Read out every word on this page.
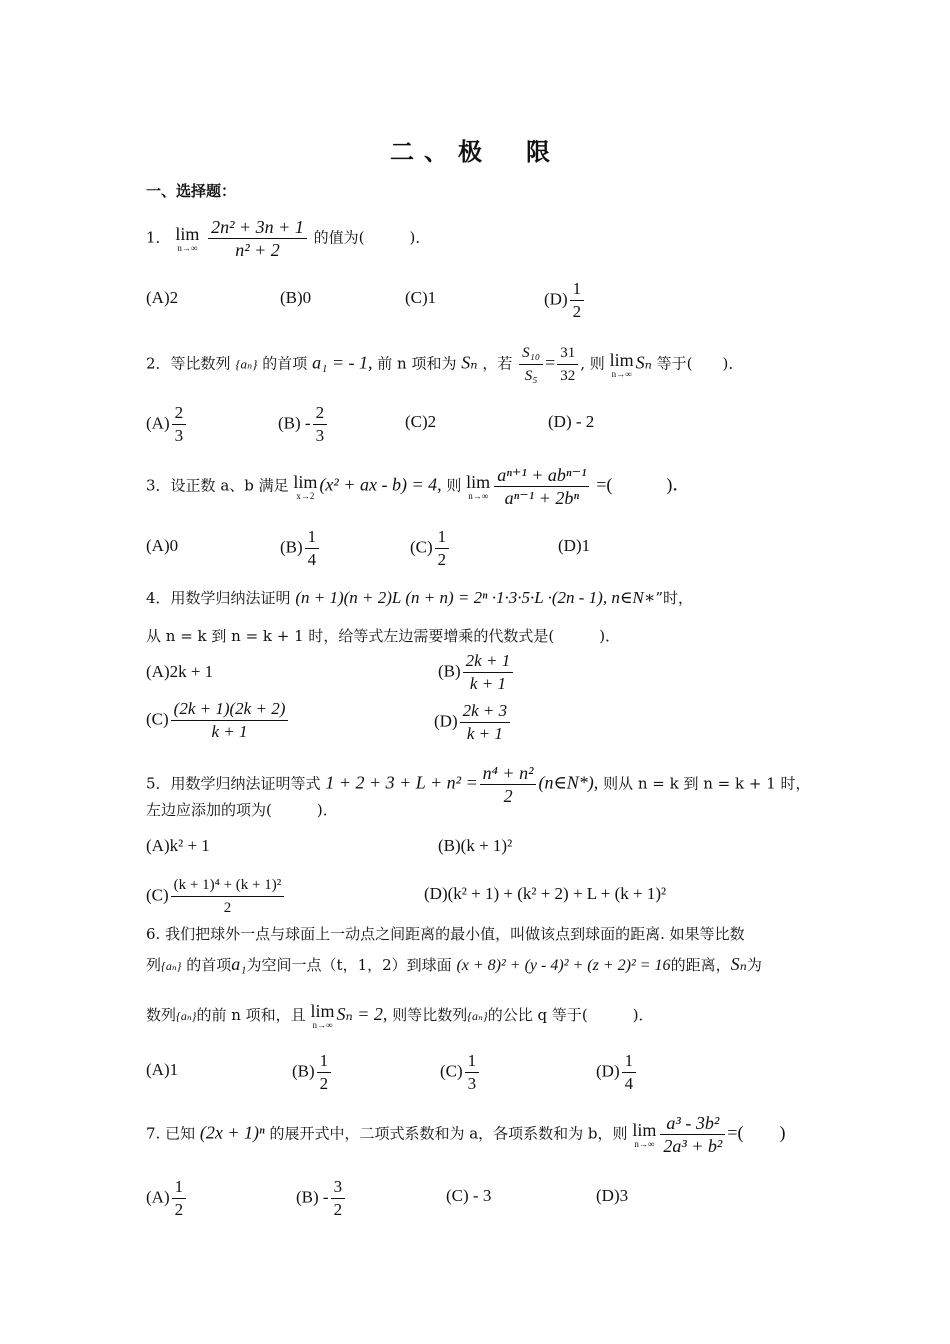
二、极　限
一、选择题：
1． lim
n→∞
$\frac{\text{2n² + 3n + 1}}{\text{n² + 2}}$ 的值为(　　　)．
(A)2	(B)0	(C)1	$(D) \frac{1}{2}$
2．等比数列 {aₙ} 的首项 a₁ = - 1, 前 n 项和为 Sₙ ，若 $\frac{\text{S₁₀}}{\text{S₅}} = \frac{31}{32}$ , 则 lim
n→∞
Sₙ 等于(　　)．
$(A) \frac{2}{3}$	$(B) - \frac{2}{3}$	(C)2	(D) - 2
3．设正数 a、b 满足 lim
x→2
(x² + ax - b) = 4, 则 lim
$n\to\infty \frac{\text{aⁿ⁺¹ + abⁿ⁻¹}}{\text{aⁿ⁻¹ + 2bⁿ}}$ =(　　　)．
(A)0	$(B) \frac{1}{4}$	$(C) \frac{1}{2}$	(D)1
4．用数学归纳法证明 (n + 1)(n + 2)L (n + n) = 2ⁿ ·1·3·5·L ·(2n - 1), n∈N∗”时，
从 n = k 到 n = k + 1 时，给等式左边需要增乘的代数式是(　　　)．
(A)2k + 1	$(B) \frac{2k + 1}{k + 1}$
$(C) \frac{(2k + 1)(2k + 2)}{k + 1}$	$(D) \frac{2k + 3}{k + 1}$
5．用数学归纳法证明等式 $1 + 2 + 3 + L + n^2 = \frac{\text{n⁴ + n²}}{2}$ (n∈N*), 则从 n = k 到 n = k + 1 时，
左边应添加的项为(　　　)．
(A)k² + 1	(B)(k + 1)²
$(C) \frac{\text{(k + 1)⁴ + (k + 1)²}}{2}$	(D)(k² + 1) + (k² + 2) + L + (k + 1)²
6. 我们把球外一点与球面上一动点之间距离的最小值，叫做该点到球面的距离. 如果等比数
列{aₙ} 的首项a₁为空间一点（t，1，2）到球面 (x + 8)² + (y - 4)² + (z + 2)² = 16的距离，Sₙ为
数列{aₙ}的前 n 项和，且 lim
n→∞
Sₙ = 2, 则等比数列{aₙ}的公比 q 等于(　　　)．
(A)1	$(B) \frac{1}{2}$	$(C) \frac{1}{3}$	$(D) \frac{1}{4}$
7. 已知 (2x + 1)ⁿ 的展开式中，二项式系数和为 a，各项系数和为 b，则 lim
$n\to\infty \frac{\text{a³ - 3b²}}{\text{2a³ + b²}}$ =(　　)
$(A) \frac{1}{2}$	$(B) - \frac{3}{2}$	(C) - 3	(D)3
